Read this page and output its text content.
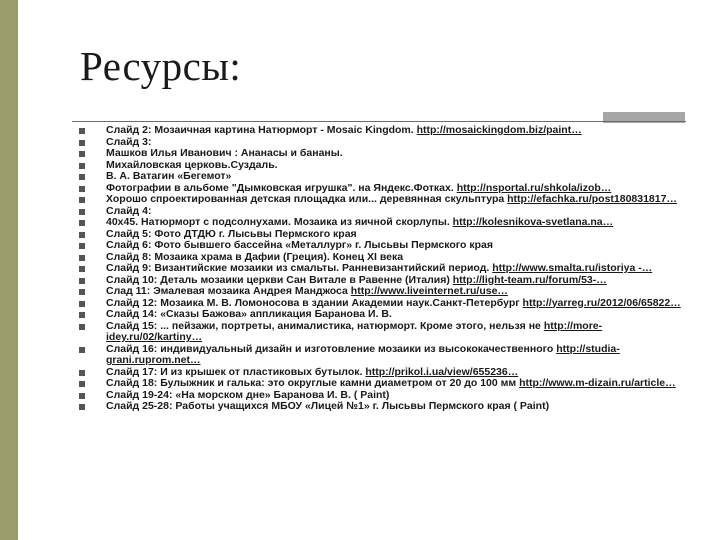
Ресурсы:
Слайд 2: Мозаичная картина Натюрморт - Mosaic Kingdom. http://mosaickingdom.biz/paint…
Слайд 3:
Машков Илья Иванович : Ананасы и бананы.
Михайловская церковь.Суздаль.
В. А. Ватагин «Бегемот»
Фотографии в альбоме "Дымковская игрушка". на Яндекс.Фотках. http://nsportal.ru/shkola/izob…
Хорошо спроектированная детская площадка или... деревянная скульптура http://efachka.ru/post180831817…
Слайд 4:
40х45. Натюрморт с подсолнухами. Мозаика из яичной скорлупы. http://kolesnikova-svetlana.na…
Слайд 5: Фото ДТДЮ г. Лысьвы Пермского края
Слайд 6: Фото бывшего бассейна «Металлург» г. Лысьвы Пермского края
Слайд 8: Мозаика храма в Дафии (Греция). Конец XI века
Слайд 9: Византийские мозаики из смальты. Ранневизантийский период. http://www.smalta.ru/istoriya -…
Слайд 10: Деталь мозаики церкви Сан Витале в Равенне (Италия) http://light-team.ru/forum/53-…
Слад 11: Эмалевая мозаика Андрея Манджоса http://www.liveinternet.ru/use…
Слайд 12: Мозаика М. В. Ломоносова в здании Академии наук.Санкт-Петербург http://yarreg.ru/2012/06/65822…
Слайд 14: «Сказы Бажова» аппликация Баранова И. В.
Слайд 15: ... пейзажи, портреты, анималистика, натюрморт. Кроме этого, нельзя не http://more-idey.ru/02/kartiny…
Слайд 16: индивидуальный дизайн и изготовление мозаики из высококачественного http://studia-grani.ruprom.net…
Слайд 17: И из крышек от пластиковых бутылок. http://prikol.i.ua/view/655236…
Слайд 18: Булыжник и галька: это округлые камни диаметром от 20 до 100 мм http://www.m-dizain.ru/article…
Слайд 19-24: «На морском дне» Баранова И. В. ( Paint)
Слайд 25-28: Работы учащихся МБОУ «Лицей №1» г. Лысьвы Пермского края ( Paint)
